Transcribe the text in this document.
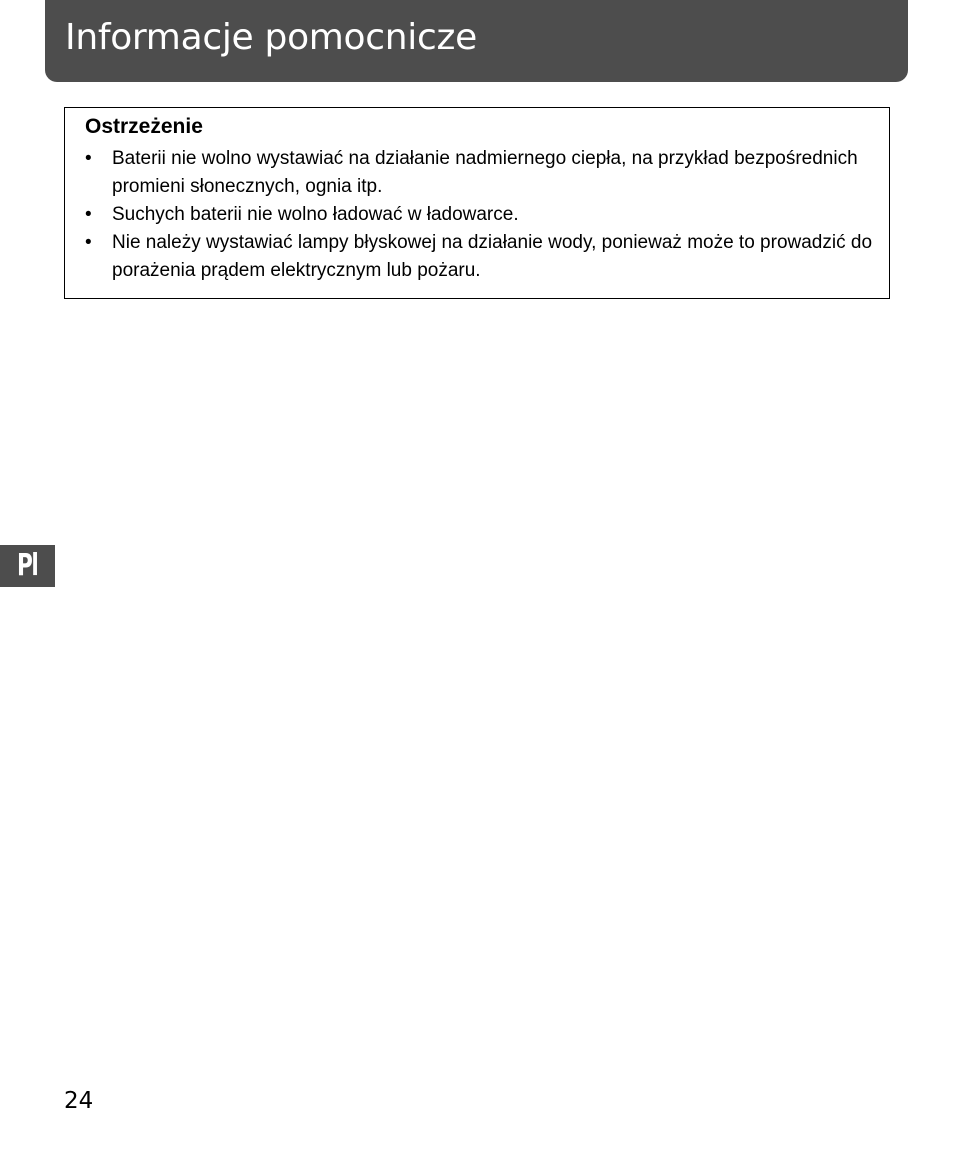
Informacje pomocnicze
Ostrzeżenie
• Baterii nie wolno wystawiać na działanie nadmiernego ciepła, na przykład bezpośrednich promieni słonecznych, ognia itp.
• Suchych baterii nie wolno ładować w ładowarce.
• Nie należy wystawiać lampy błyskowej na działanie wody, ponieważ może to prowadzić do porażenia prądem elektrycznym lub pożaru.
Pl
24
